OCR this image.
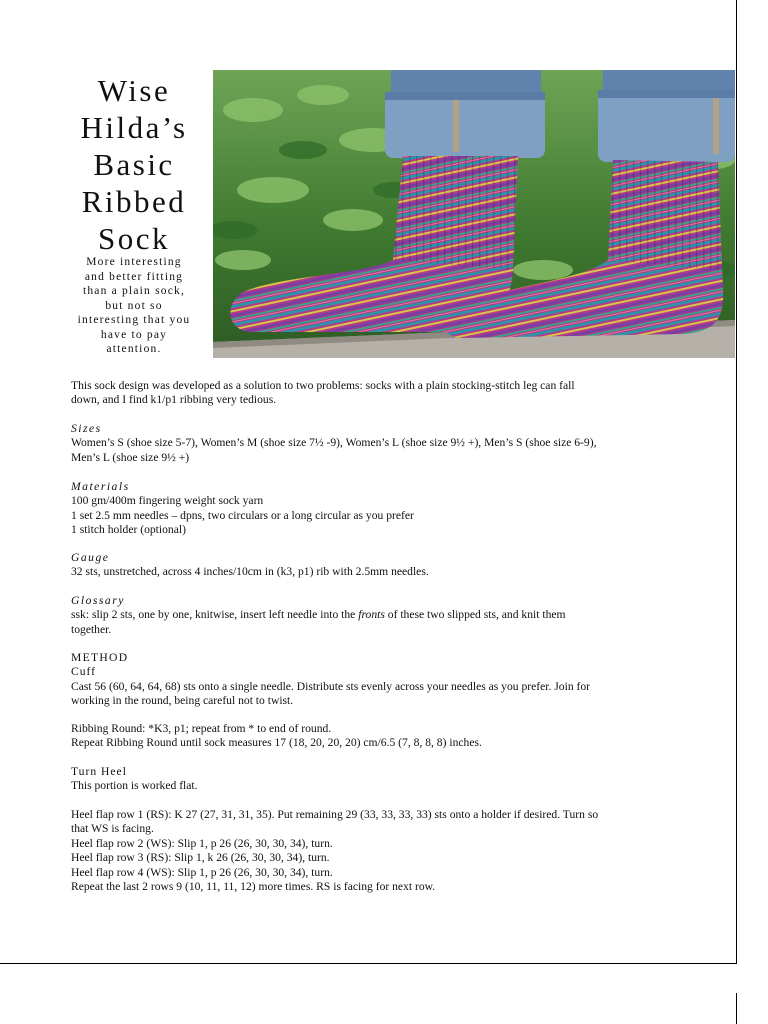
Wise
Hilda’s
Basic
Ribbed
Sock
More interesting
and better fitting
than a plain sock,
but not so
interesting that you
have to pay
attention.

This sock design was developed as a solution to two problems: socks with a plain stocking-stitch leg can fall

down, and I find k1/p1 ribbing very tedious.

Sizes

Women’s S (shoe size 5-7), Women’s M (shoe size 7½ -9), Women’s L (shoe size 9½ +), Men’s S (shoe size 6-9),

Men’s L (shoe size 9½ +)

Materials

100 gm/400m fingering weight sock yarn

1 set 2.5 mm needles – dpns, two circulars or a long circular as you prefer

1 stitch holder (optional)

Gauge

32 sts, unstretched, across 4 inches/10cm in (k3, p1) rib with 2.5mm needles.

Glossary

ssk: slip 2 sts, one by one, knitwise, insert left needle into the fronts of these two slipped sts, and knit them

together.

METHOD

Cuff

Cast 56 (60, 64, 64, 68) sts onto a single needle. Distribute sts evenly across your needles as you prefer. Join for

working in the round, being careful not to twist.

Ribbing Round: *K3, p1; repeat from * to end of round.

Repeat Ribbing Round until sock measures 17 (18, 20, 20, 20) cm/6.5 (7, 8, 8, 8) inches.

Turn Heel

This portion is worked flat.

Heel flap row 1 (RS): K 27 (27, 31, 31, 35). Put remaining 29 (33, 33, 33, 33) sts onto a holder if desired. Turn so

that WS is facing.

Heel flap row 2 (WS): Slip 1, p 26 (26, 30, 30, 34), turn.

Heel flap row 3 (RS): Slip 1, k 26 (26, 30, 30, 34), turn.

Heel flap row 4 (WS): Slip 1, p 26 (26, 30, 30, 34), turn.

Repeat the last 2 rows 9 (10, 11, 11, 12) more times. RS is facing for next row.
